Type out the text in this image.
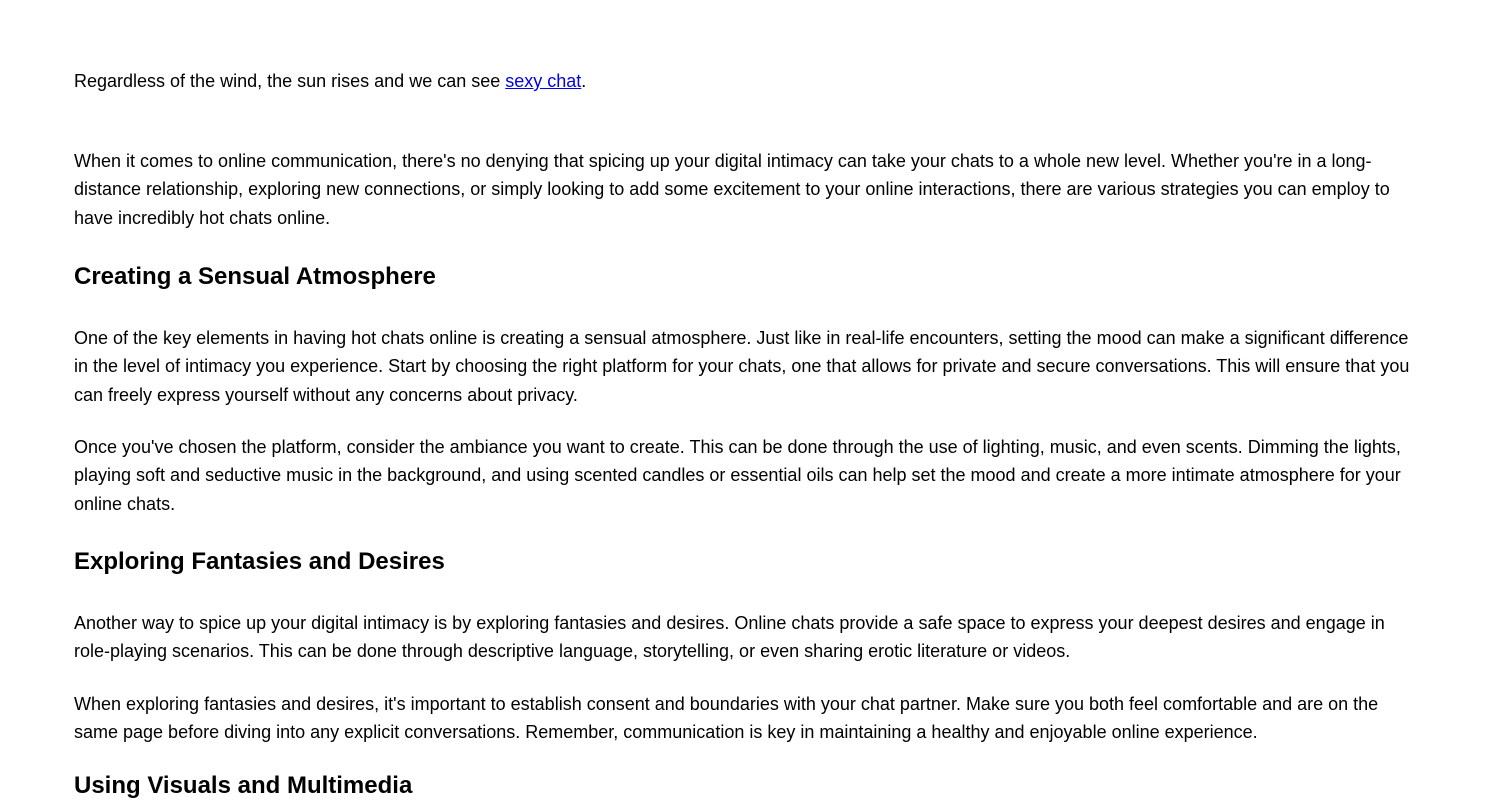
Regardless of the wind, the sun rises and we can see sexy chat.

When it comes to online communication, there's no denying that spicing up your digital intimacy can take your chats to a whole new level. Whether you're in a long-distance relationship, exploring new connections, or simply looking to add some excitement to your online interactions, there are various strategies you can employ to have incredibly hot chats online.

Creating a Sensual Atmosphere

One of the key elements in having hot chats online is creating a sensual atmosphere. Just like in real-life encounters, setting the mood can make a significant difference in the level of intimacy you experience. Start by choosing the right platform for your chats, one that allows for private and secure conversations. This will ensure that you can freely express yourself without any concerns about privacy.

Once you've chosen the platform, consider the ambiance you want to create. This can be done through the use of lighting, music, and even scents. Dimming the lights, playing soft and seductive music in the background, and using scented candles or essential oils can help set the mood and create a more intimate atmosphere for your online chats.

Exploring Fantasies and Desires

Another way to spice up your digital intimacy is by exploring fantasies and desires. Online chats provide a safe space to express your deepest desires and engage in role-playing scenarios. This can be done through descriptive language, storytelling, or even sharing erotic literature or videos.

When exploring fantasies and desires, it's important to establish consent and boundaries with your chat partner. Make sure you both feel comfortable and are on the same page before diving into any explicit conversations. Remember, communication is key in maintaining a healthy and enjoyable online experience.

Using Visuals and Multimedia
